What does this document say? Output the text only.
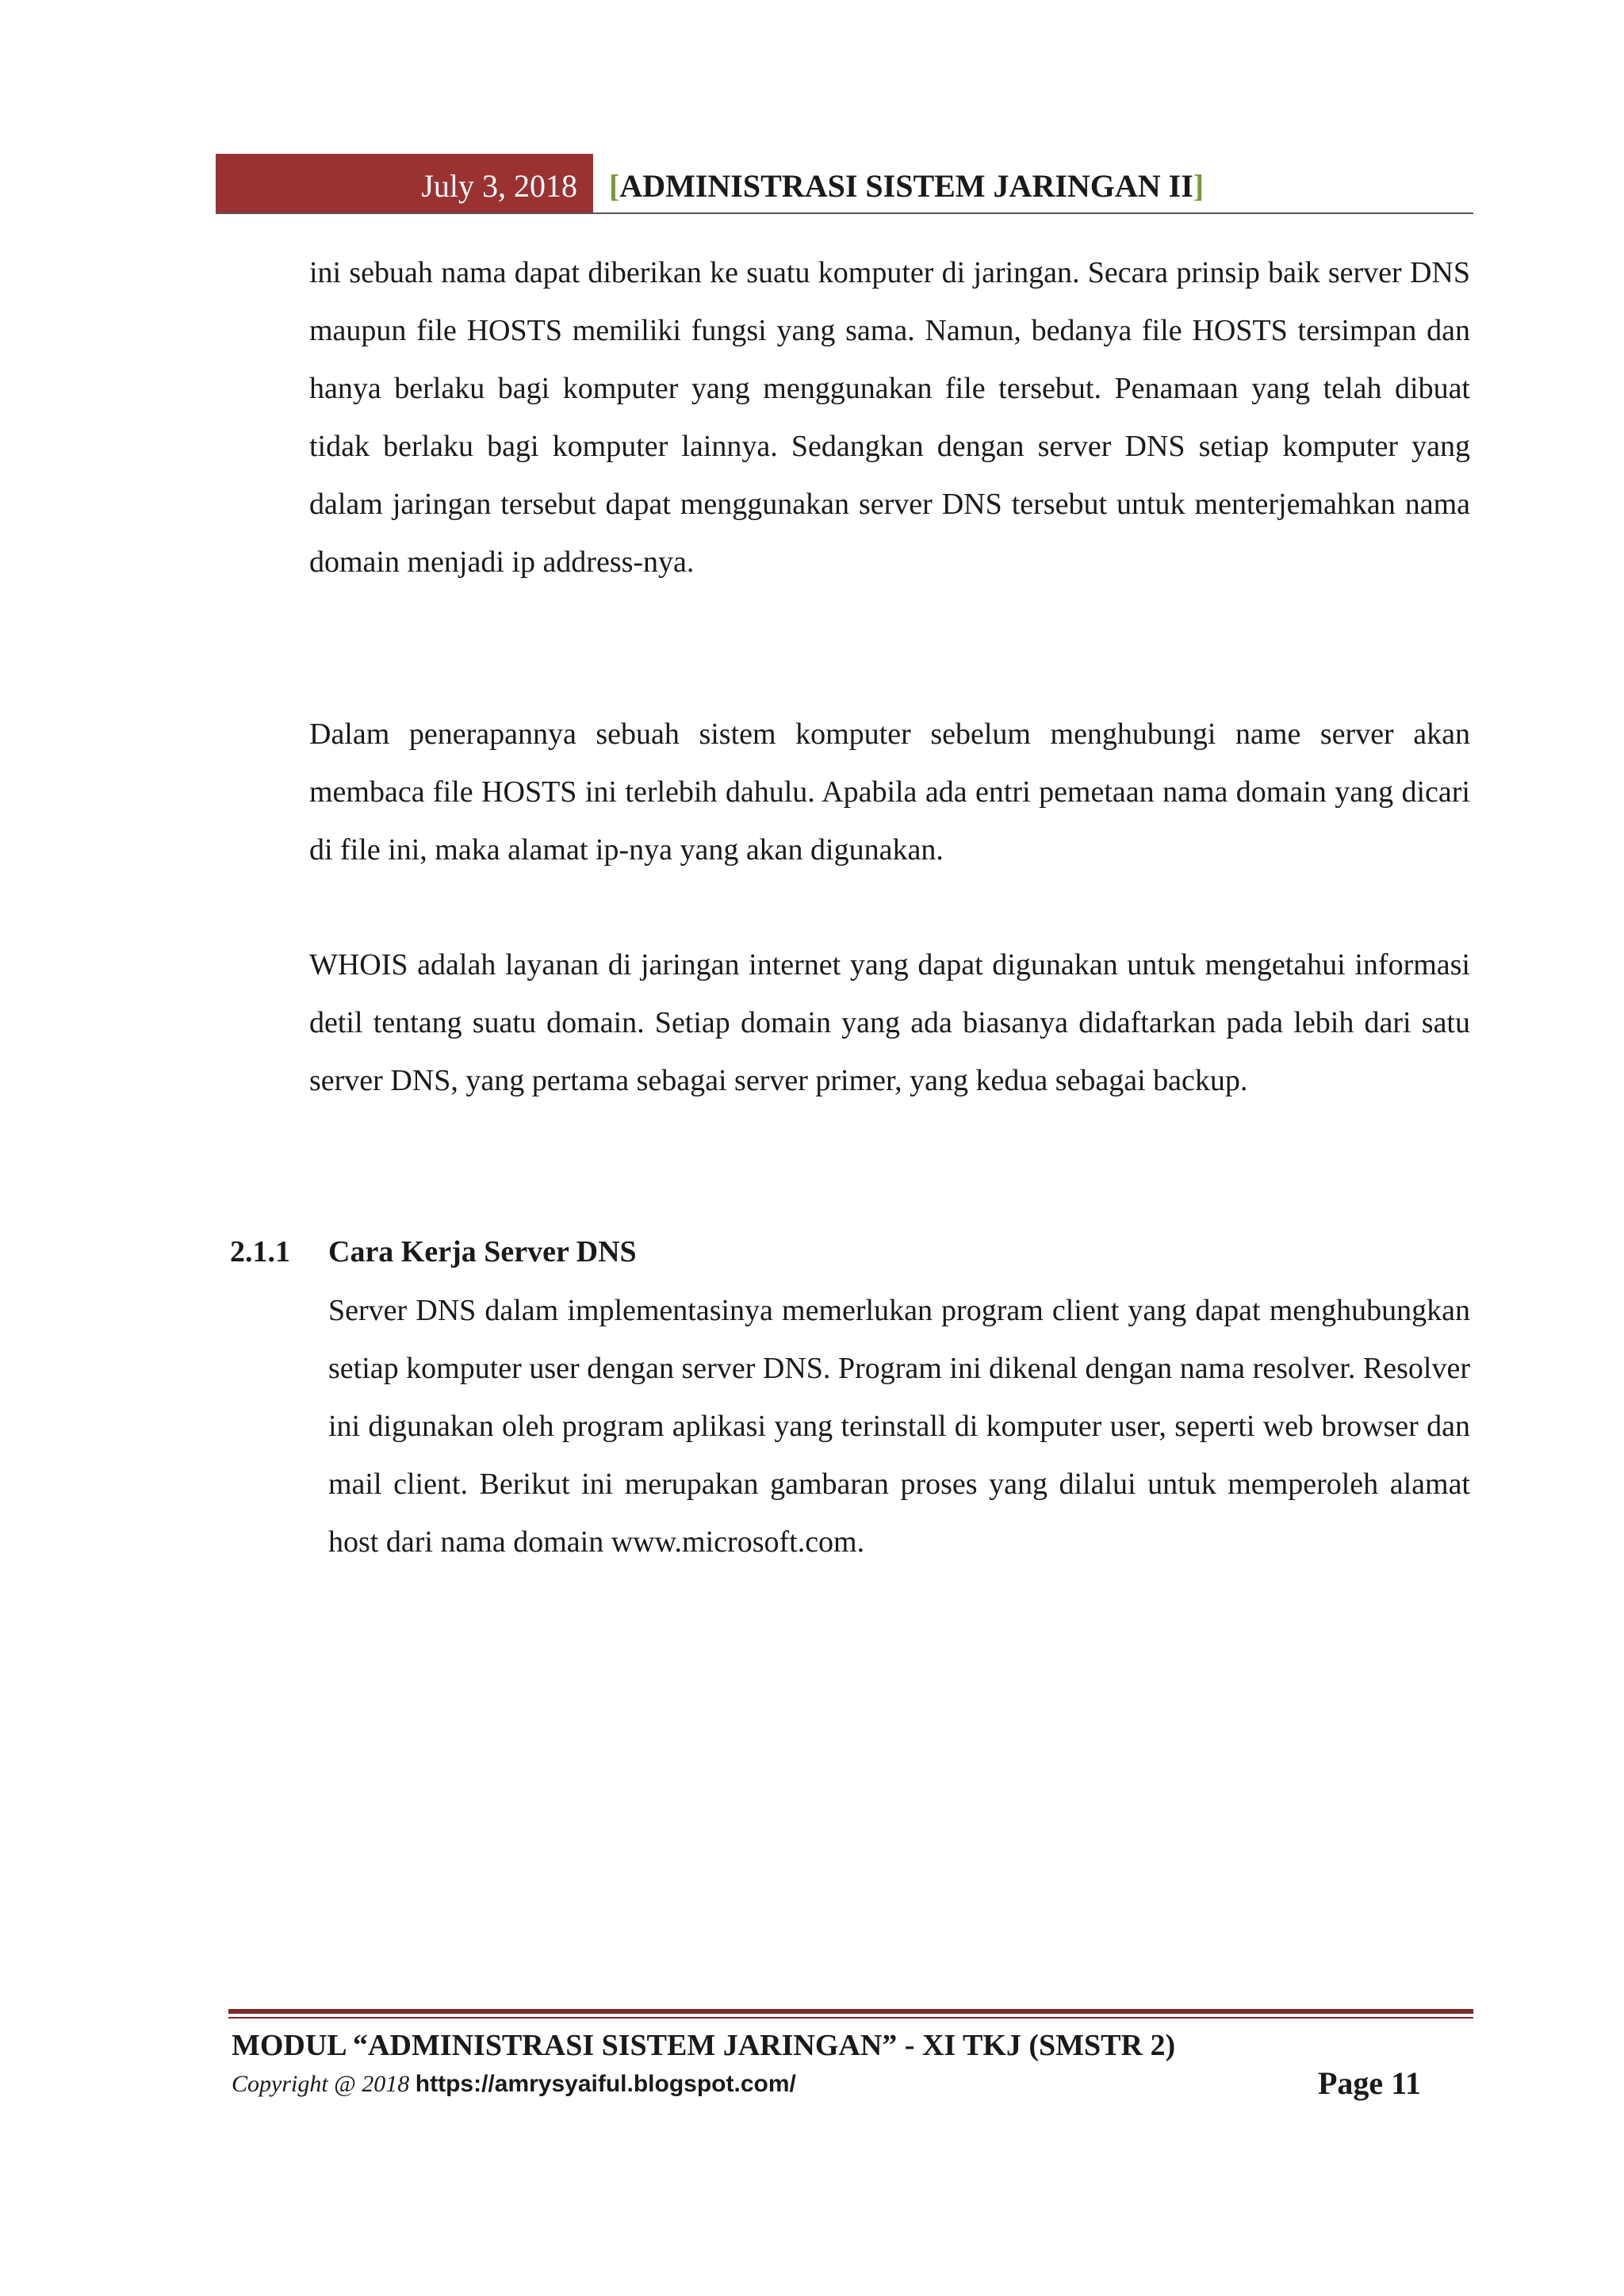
July 3, 2018	[ADMINISTRASI SISTEM JARINGAN II]

ini sebuah nama dapat diberikan ke suatu komputer di jaringan. Secara prinsip baik server DNS maupun file HOSTS memiliki fungsi yang sama. Namun, bedanya file HOSTS tersimpan dan hanya berlaku bagi komputer yang menggunakan file tersebut. Penamaan yang telah dibuat tidak berlaku bagi komputer lainnya. Sedangkan dengan server DNS setiap komputer yang dalam jaringan tersebut dapat menggunakan server DNS tersebut untuk menterjemahkan nama domain menjadi ip address-nya.

Dalam penerapannya sebuah sistem komputer sebelum menghubungi name server akan membaca file HOSTS ini terlebih dahulu. Apabila ada entri pemetaan nama domain yang dicari di file ini, maka alamat ip-nya yang akan digunakan.

WHOIS adalah layanan di jaringan internet yang dapat digunakan untuk mengetahui informasi detil tentang suatu domain. Setiap domain yang ada biasanya didaftarkan pada lebih dari satu server DNS, yang pertama sebagai server primer, yang kedua sebagai backup.

2.1.1 Cara Kerja Server DNS

Server DNS dalam implementasinya memerlukan program client yang dapat menghubungkan setiap komputer user dengan server DNS. Program ini dikenal dengan nama resolver. Resolver ini digunakan oleh program aplikasi yang terinstall di komputer user, seperti web browser dan mail client. Berikut ini merupakan gambaran proses yang dilalui untuk memperoleh alamat host dari nama domain www.microsoft.com.

MODUL “ADMINISTRASI SISTEM JARINGAN” - XI TKJ (SMSTR 2)
Copyright @ 2018 https://amrysyaiful.blogspot.com/	Page 11
